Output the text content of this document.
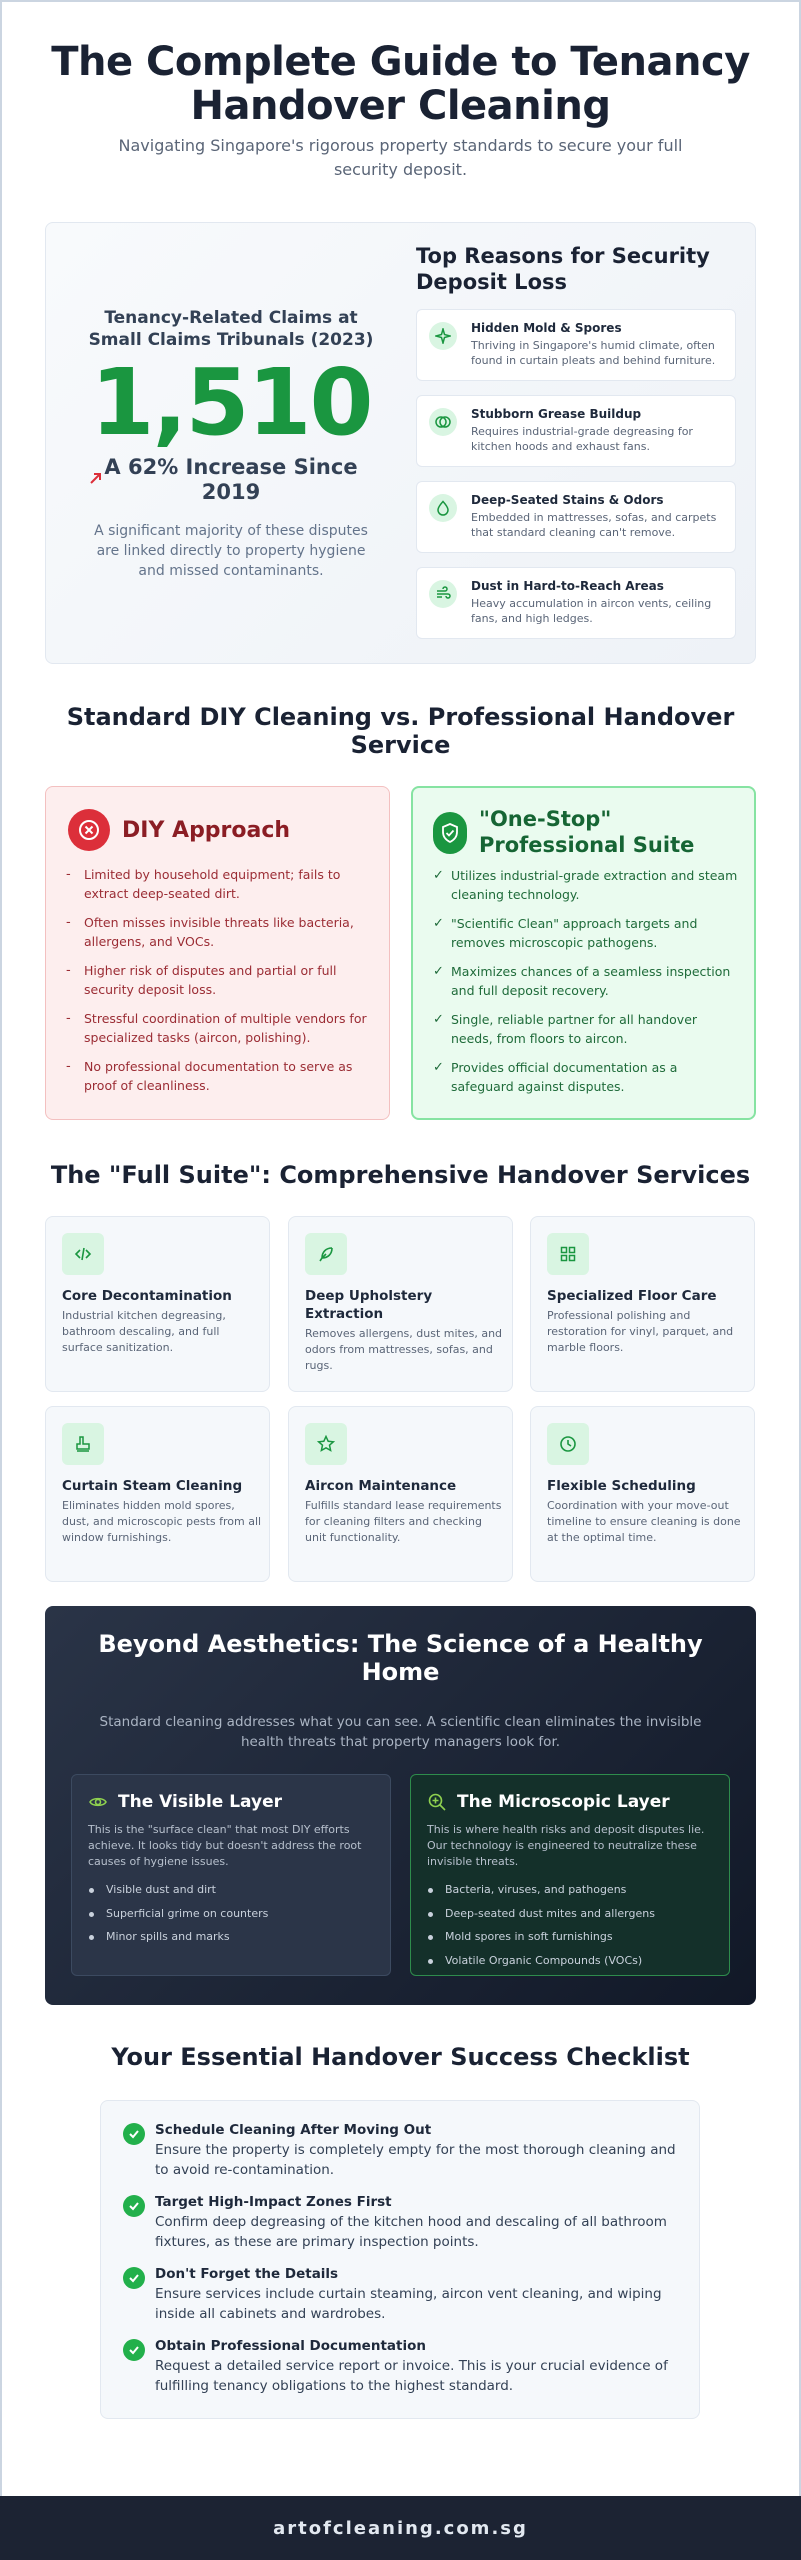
The Complete Guide to Tenancy Handover Cleaning

Navigating Singapore's rigorous property standards to secure your full security deposit.

Tenancy-Related Claims at Small Claims Tribunals (2023)
1,510
A 62% Increase Since 2019
A significant majority of these disputes are linked directly to property hygiene and missed contaminants.
Top Reasons for Security Deposit Loss
Hidden Mold & Spores
Thriving in Singapore's humid climate, often found in curtain pleats and behind furniture.
Stubborn Grease Buildup
Requires industrial-grade degreasing for kitchen hoods and exhaust fans.
Deep-Seated Stains & Odors
Embedded in mattresses, sofas, and carpets that standard cleaning can't remove.
Dust in Hard-to-Reach Areas
Heavy accumulation in aircon vents, ceiling fans, and high ledges.
Standard DIY Cleaning vs. Professional Handover Service
DIY Approach
- Limited by household equipment; fails to extract deep-seated dirt.
- Often misses invisible threats like bacteria, allergens, and VOCs.
- Higher risk of disputes and partial or full security deposit loss.
- Stressful coordination of multiple vendors for specialized tasks (aircon, polishing).
- No professional documentation to serve as proof of cleanliness.
"One-Stop" Professional Suite
✓ Utilizes industrial-grade extraction and steam cleaning technology.
✓ "Scientific Clean" approach targets and removes microscopic pathogens.
✓ Maximizes chances of a seamless inspection and full deposit recovery.
✓ Single, reliable partner for all handover needs, from floors to aircon.
✓ Provides official documentation as a safeguard against disputes.
The "Full Suite": Comprehensive Handover Services
Core Decontamination
Industrial kitchen degreasing, bathroom descaling, and full surface sanitization.
Deep Upholstery Extraction
Removes allergens, dust mites, and odors from mattresses, sofas, and rugs.
Specialized Floor Care
Professional polishing and restoration for vinyl, parquet, and marble floors.
Curtain Steam Cleaning
Eliminates hidden mold spores, dust, and microscopic pests from all window furnishings.
Aircon Maintenance
Fulfills standard lease requirements for cleaning filters and checking unit functionality.
Flexible Scheduling
Coordination with your move-out timeline to ensure cleaning is done at the optimal time.
Beyond Aesthetics: The Science of a Healthy Home
Standard cleaning addresses what you can see. A scientific clean eliminates the invisible health threats that property managers look for.
The Visible Layer
This is the "surface clean" that most DIY efforts achieve. It looks tidy but doesn't address the root causes of hygiene issues.
Visible dust and dirt
Superficial grime on counters
Minor spills and marks
The Microscopic Layer
This is where health risks and deposit disputes lie. Our technology is engineered to neutralize these invisible threats.
Bacteria, viruses, and pathogens
Deep-seated dust mites and allergens
Mold spores in soft furnishings
Volatile Organic Compounds (VOCs)
Your Essential Handover Success Checklist
Schedule Cleaning After Moving Out
Ensure the property is completely empty for the most thorough cleaning and to avoid re-contamination.
Target High-Impact Zones First
Confirm deep degreasing of the kitchen hood and descaling of all bathroom fixtures, as these are primary inspection points.
Don't Forget the Details
Ensure services include curtain steaming, aircon vent cleaning, and wiping inside all cabinets and wardrobes.
Obtain Professional Documentation
Request a detailed service report or invoice. This is your crucial evidence of fulfilling tenancy obligations to the highest standard.
artofcleaning.com.sg
